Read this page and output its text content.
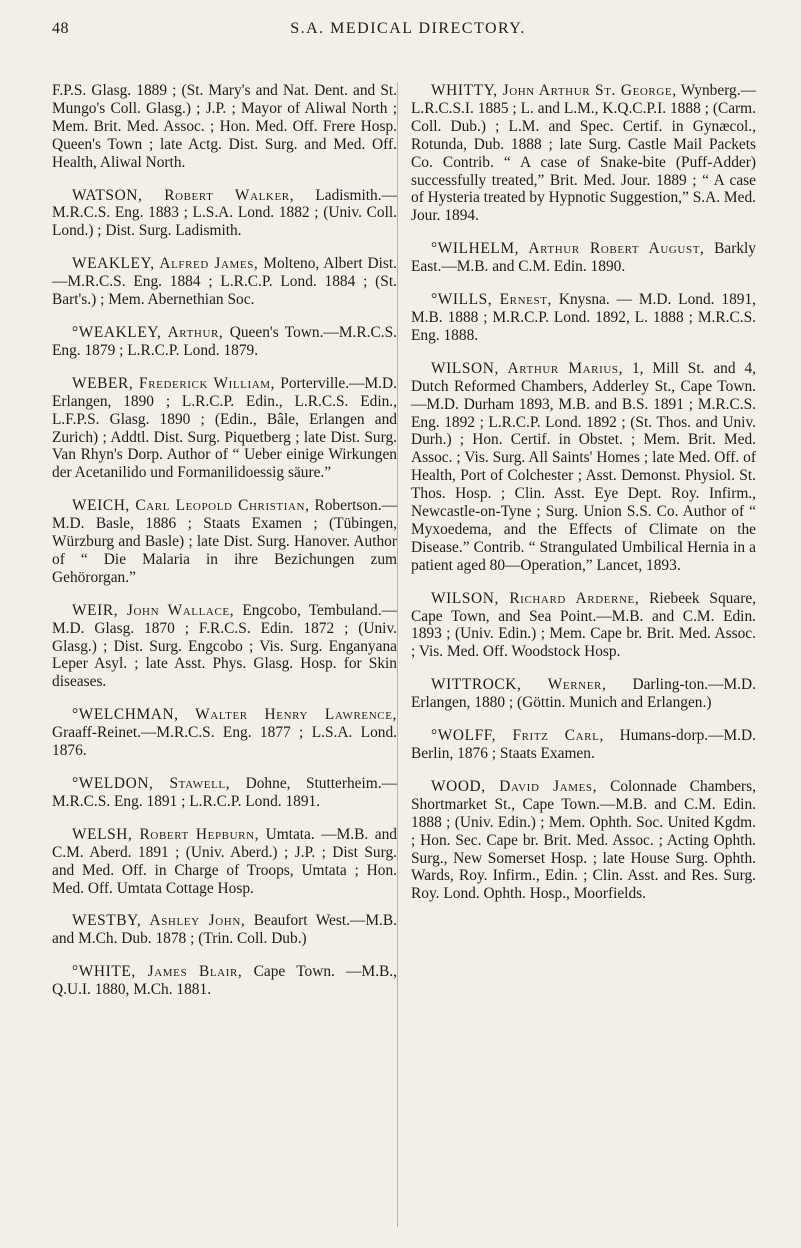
48	S.A. MEDICAL DIRECTORY.

F.P.S. Glasg. 1889 ; (St. Mary's and Nat. Dent. and St. Mungo's Coll. Glasg.) ; J.P. ; Mayor of Aliwal North ; Mem. Brit. Med. Assoc. ; Hon. Med. Off. Frere Hosp. Queen's Town ; late Actg. Dist. Surg. and Med. Off. Health, Aliwal North.

WATSON, Robert Walker, Ladismith.—M.R.C.S. Eng. 1883 ; L.S.A. Lond. 1882 ; (Univ. Coll. Lond.) ; Dist. Surg. Ladismith.

WEAKLEY, Alfred James, Molteno, Albert Dist.—M.R.C.S. Eng. 1884 ; L.R.C.P. Lond. 1884 ; (St. Bart's.) ; Mem. Abernethian Soc.

°WEAKLEY, Arthur, Queen's Town.—M.R.C.S. Eng. 1879 ; L.R.C.P. Lond. 1879.

WEBER, Frederick William, Porterville.—M.D. Erlangen, 1890 ; L.R.C.P. Edin., L.R.C.S. Edin., L.F.P.S. Glasg. 1890 ; (Edin., Bâle, Erlangen and Zurich) ; Addtl. Dist. Surg. Piquetberg ; late Dist. Surg. Van Rhyn's Dorp. Author of “ Ueber einige Wirkungen der Acetanilido und Formanilidoessig säure.”

WEICH, Carl Leopold Christian, Robertson.—M.D. Basle, 1886 ; Staats Examen ; (Tübingen, Würzburg and Basle) ; late Dist. Surg. Hanover. Author of “ Die Malaria in ihre Bezichungen zum Gehörorgan.”

WEIR, John Wallace, Engcobo, Tembuland.—M.D. Glasg. 1870 ; F.R.C.S. Edin. 1872 ; (Univ. Glasg.) ; Dist. Surg. Engcobo ; Vis. Surg. Enganyana Leper Asyl. ; late Asst. Phys. Glasg. Hosp. for Skin diseases.

°WELCHMAN, Walter Henry Lawrence, Graaff-Reinet.—M.R.C.S. Eng. 1877 ; L.S.A. Lond. 1876.

°WELDON, Stawell, Dohne, Stutterheim.—M.R.C.S. Eng. 1891 ; L.R.C.P. Lond. 1891.

WELSH, Robert Hepburn, Umtata. —M.B. and C.M. Aberd. 1891 ; (Univ. Aberd.) ; J.P. ; Dist Surg. and Med. Off. in Charge of Troops, Umtata ; Hon. Med. Off. Umtata Cottage Hosp.

WESTBY, Ashley John, Beaufort West.—M.B. and M.Ch. Dub. 1878 ; (Trin. Coll. Dub.)

°WHITE, James Blair, Cape Town. —M.B., Q.U.I. 1880, M.Ch. 1881.

WHITTY, John Arthur St. George, Wynberg.—L.R.C.S.I. 1885 ; L. and L.M., K.Q.C.P.I. 1888 ; (Carm. Coll. Dub.) ; L.M. and Spec. Certif. in Gynæcol., Rotunda, Dub. 1888 ; late Surg. Castle Mail Packets Co. Contrib. “ A case of Snake-bite (Puff-Adder) successfully treated,” Brit. Med. Jour. 1889 ; “ A case of Hysteria treated by Hypnotic Suggestion,” S.A. Med. Jour. 1894.

°WILHELM, Arthur Robert August, Barkly East.—M.B. and C.M. Edin. 1890.

°WILLS, Ernest, Knysna. — M.D. Lond. 1891, M.B. 1888 ; M.R.C.P. Lond. 1892, L. 1888 ; M.R.C.S. Eng. 1888.

WILSON, Arthur Marius, 1, Mill St. and 4, Dutch Reformed Chambers, Adderley St., Cape Town.—M.D. Durham 1893, M.B. and B.S. 1891 ; M.R.C.S. Eng. 1892 ; L.R.C.P. Lond. 1892 ; (St. Thos. and Univ. Durh.) ; Hon. Certif. in Obstet. ; Mem. Brit. Med. Assoc. ; Vis. Surg. All Saints' Homes ; late Med. Off. of Health, Port of Colchester ; Asst. Demonst. Physiol. St. Thos. Hosp. ; Clin. Asst. Eye Dept. Roy. Infirm., Newcastle-on-Tyne ; Surg. Union S.S. Co. Author of “ Myxoedema, and the Effects of Climate on the Disease.” Contrib. “ Strangulated Umbilical Hernia in a patient aged 80—Operation,” Lancet, 1893.

WILSON, Richard Arderne, Riebeek Square, Cape Town, and Sea Point.—M.B. and C.M. Edin. 1893 ; (Univ. Edin.) ; Mem. Cape br. Brit. Med. Assoc. ; Vis. Med. Off. Woodstock Hosp.

WITTROCK, Werner, Darling-ton.—M.D. Erlangen, 1880 ; (Göttin. Munich and Erlangen.)

°WOLFF, Fritz Carl, Humans-dorp.—M.D. Berlin, 1876 ; Staats Examen.

WOOD, David James, Colonnade Chambers, Shortmarket St., Cape Town.—M.B. and C.M. Edin. 1888 ; (Univ. Edin.) ; Mem. Ophth. Soc. United Kgdm. ; Hon. Sec. Cape br. Brit. Med. Assoc. ; Acting Ophth. Surg., New Somerset Hosp. ; late House Surg. Ophth. Wards, Roy. Infirm., Edin. ; Clin. Asst. and Res. Surg. Roy. Lond. Ophth. Hosp., Moorfields.
